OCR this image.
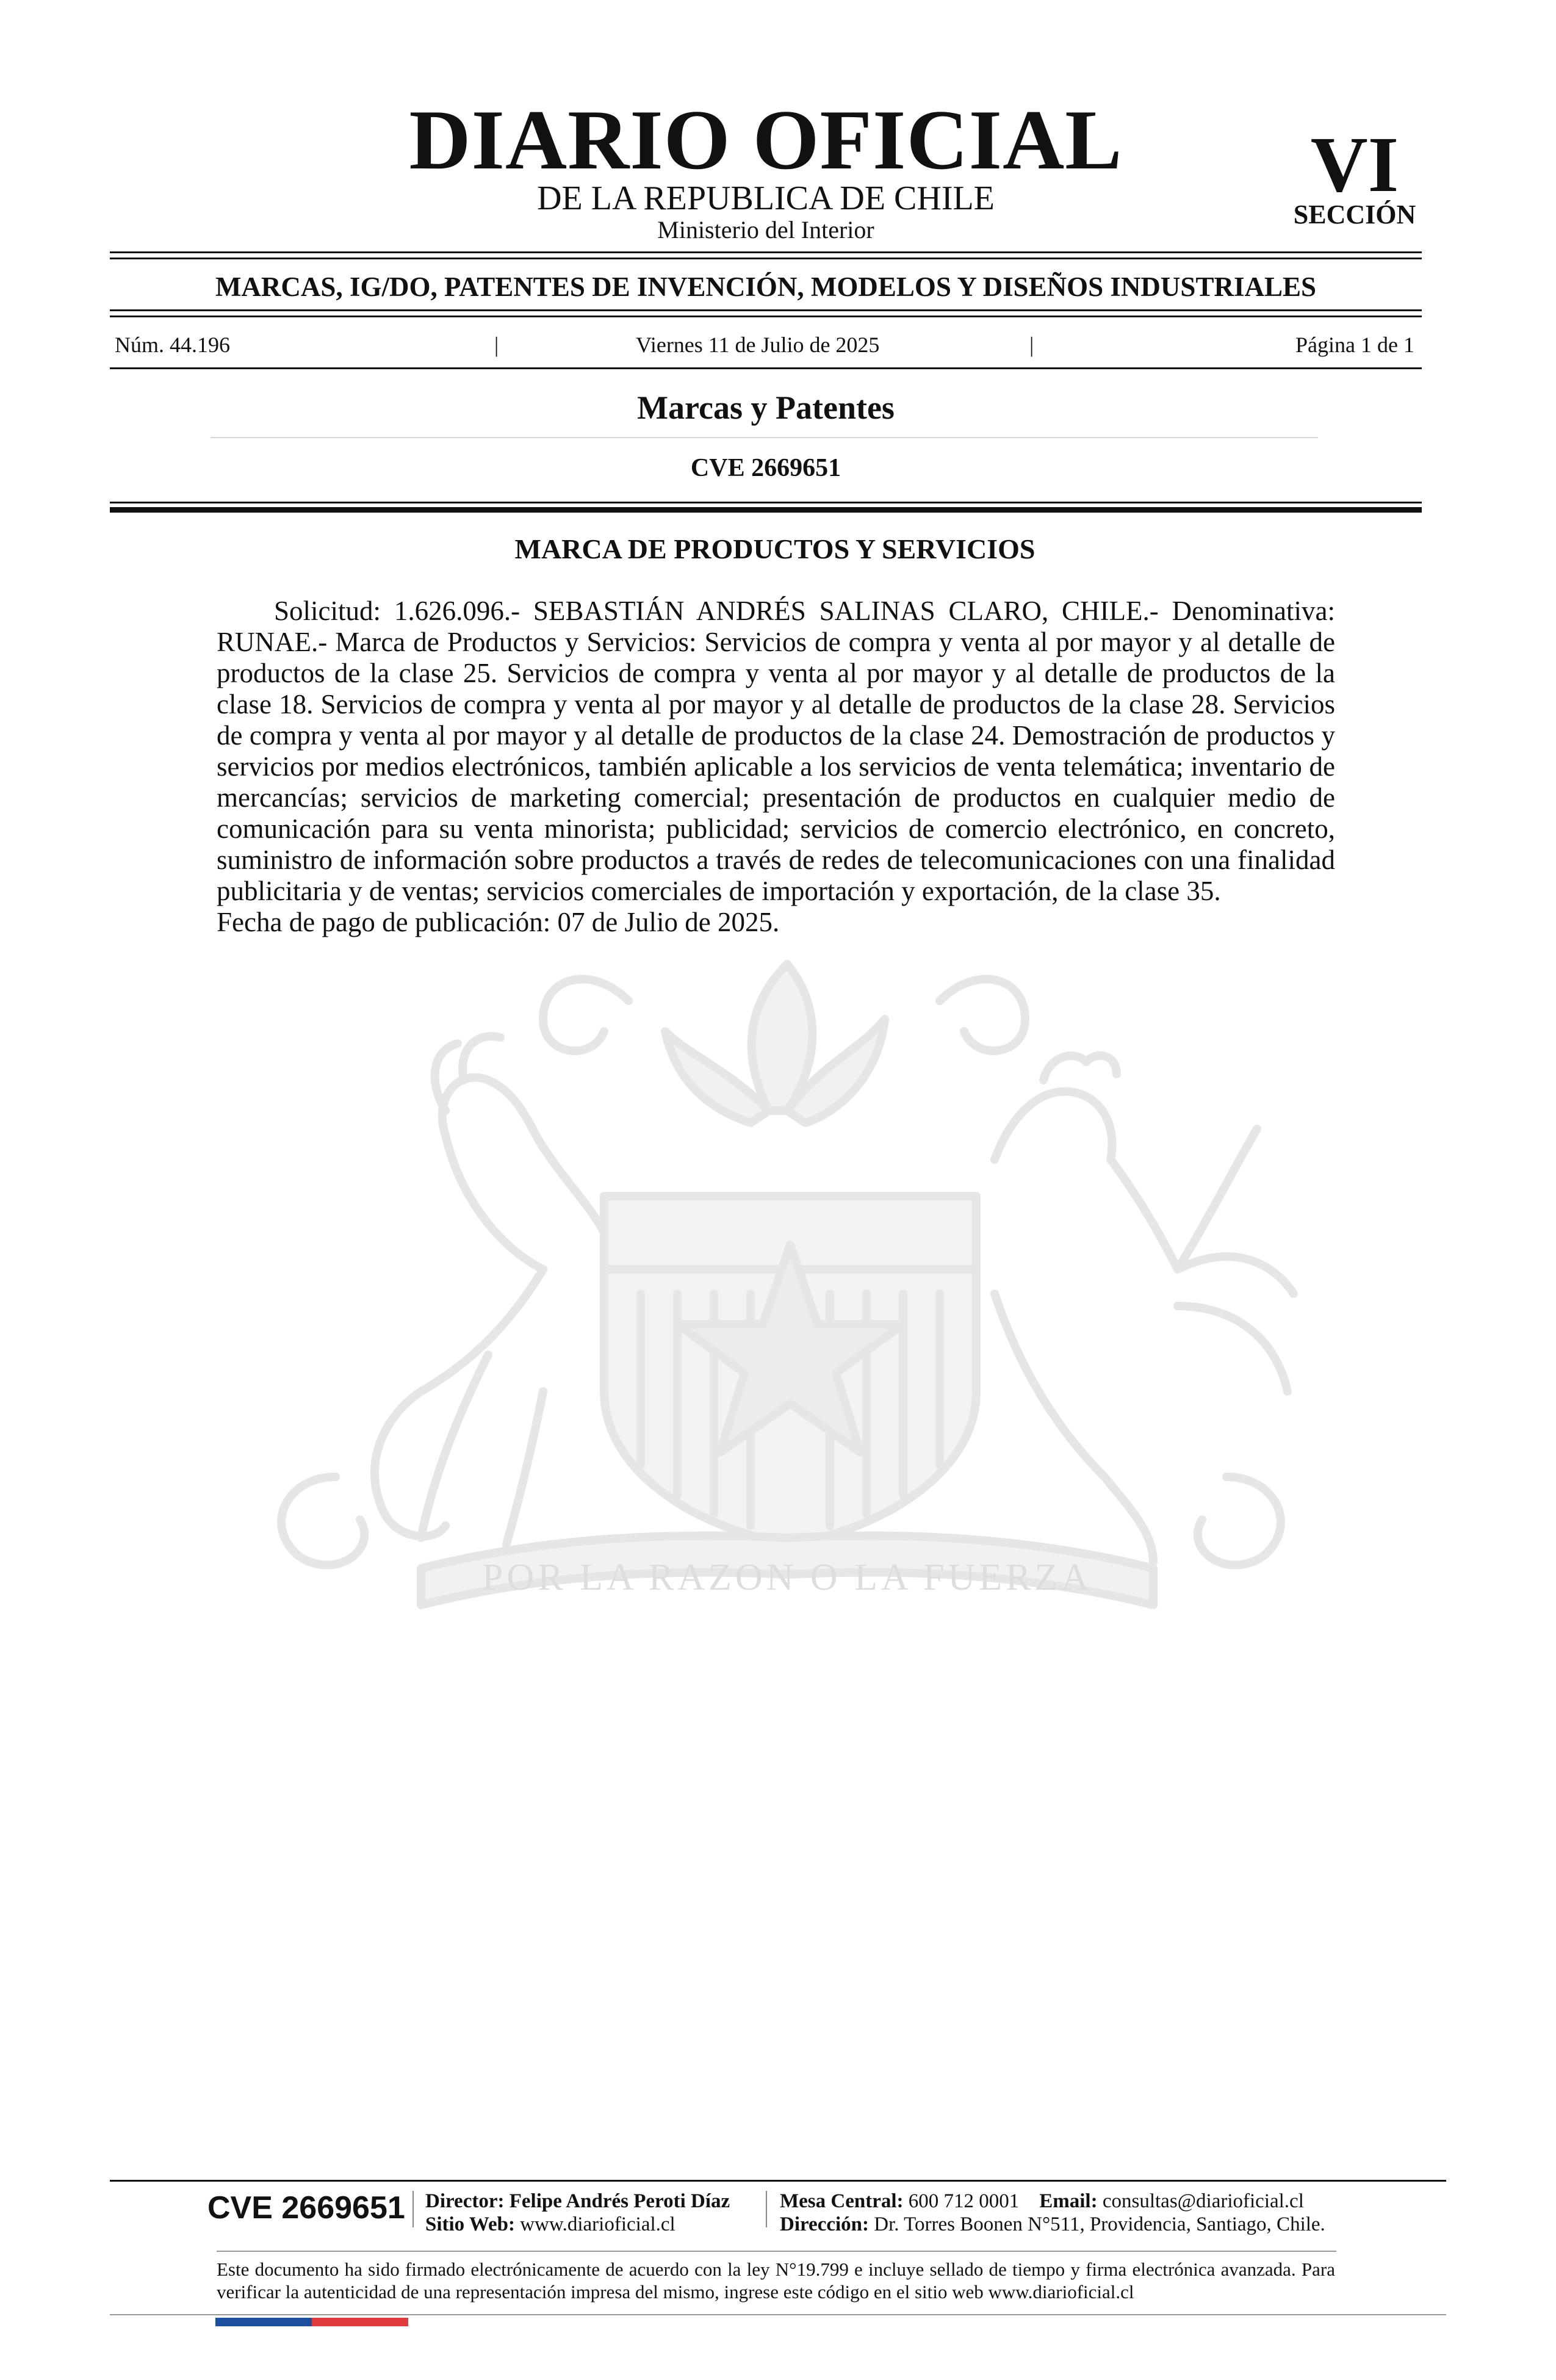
POR LA RAZON O LA FUERZA
DIARIO OFICIAL
DE LA REPUBLICA DE CHILE
Ministerio del Interior
VI
SECCIÓN
MARCAS, IG/DO, PATENTES DE INVENCIÓN, MODELOS Y DISEÑOS INDUSTRIALES
Núm. 44.196	|	Viernes 11 de Julio de 2025	|	Página 1 de 1
Marcas y Patentes
CVE 2669651
MARCA DE PRODUCTOS Y SERVICIOS

Solicitud: 1.626.096.- SEBASTIÁN ANDRÉS SALINAS CLARO, CHILE.- Denominativa: RUNAE.- Marca de Productos y Servicios: Servicios de compra y venta al por mayor y al detalle de productos de la clase 25. Servicios de compra y venta al por mayor y al detalle de productos de la clase 18. Servicios de compra y venta al por mayor y al detalle de productos de la clase 28. Servicios de compra y venta al por mayor y al detalle de productos de la clase 24. Demostración de productos y servicios por medios electrónicos, también aplicable a los servicios de venta telemática; inventario de mercancías; servicios de marketing comercial; presentación de productos en cualquier medio de comunicación para su venta minorista; publicidad; servicios de comercio electrónico, en concreto, suministro de información sobre productos a través de redes de telecomunicaciones con una finalidad publicitaria y de ventas; servicios comerciales de importación y exportación, de la clase 35.

Fecha de pago de publicación: 07 de Julio de 2025.

CVE 2669651 Director: Felipe Andrés Peroti Díaz
Sitio Web: www.diarioficial.cl
Mesa Central: 600 712 0001 Email: consultas@diarioficial.cl
Dirección: Dr. Torres Boonen N°511, Providencia, Santiago, Chile.
Este documento ha sido firmado electrónicamente de acuerdo con la ley N°19.799 e incluye sellado de tiempo y firma electrónica avanzada. Para verificar la autenticidad de una representación impresa del mismo, ingrese este código en el sitio web www.diarioficial.cl
